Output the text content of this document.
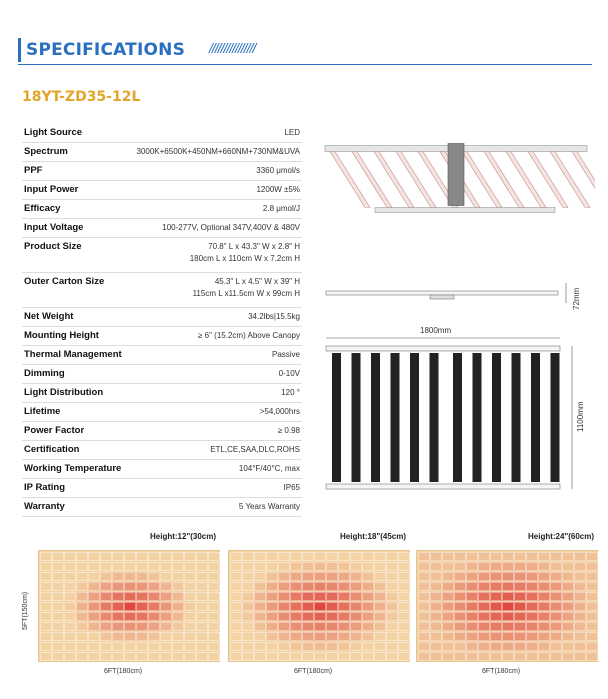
SPECIFICATIONS ////////////////
18YT-ZD35-12L
Light Source	LED
Spectrum	3000K+6500K+450NM+660NM+730NM&UVA
PPF	3360 μmol/s
Input Power	1200W ±5%
Efficacy	2.8 μmol/J
Input Voltage	100-277V, Optional 347V,400V & 480V
Product Size	70.8" L x 43.3" W x 2.8" H
180cm L x 110cm W x 7.2cm H
Outer Carton Size	45.3" L x 4.5" W x 39" H
115cm L x11.5cm W x 99cm H
Net Weight	34.2lbs|15.5kg
Mounting Height	≥ 6" (15.2cm) Above Canopy
Thermal Management	Passive
Dimming	0-10V
Light Distribution	120 °
Lifetime	>54,000hrs
Power Factor	≥ 0.98
Certification	ETL,CE,SAA,DLC,ROHS
Working Temperature	104°F/40°C, max
IP Rating	IP65
Warranty	5 Years Warranty
72mm
1800mm
1100mm
Height:12"(30cm)	Height:18"(45cm)	Height:24"(60cm)
5FT(150cm)
6FT(180cm)	6FT(180cm)	6FT(180cm)
